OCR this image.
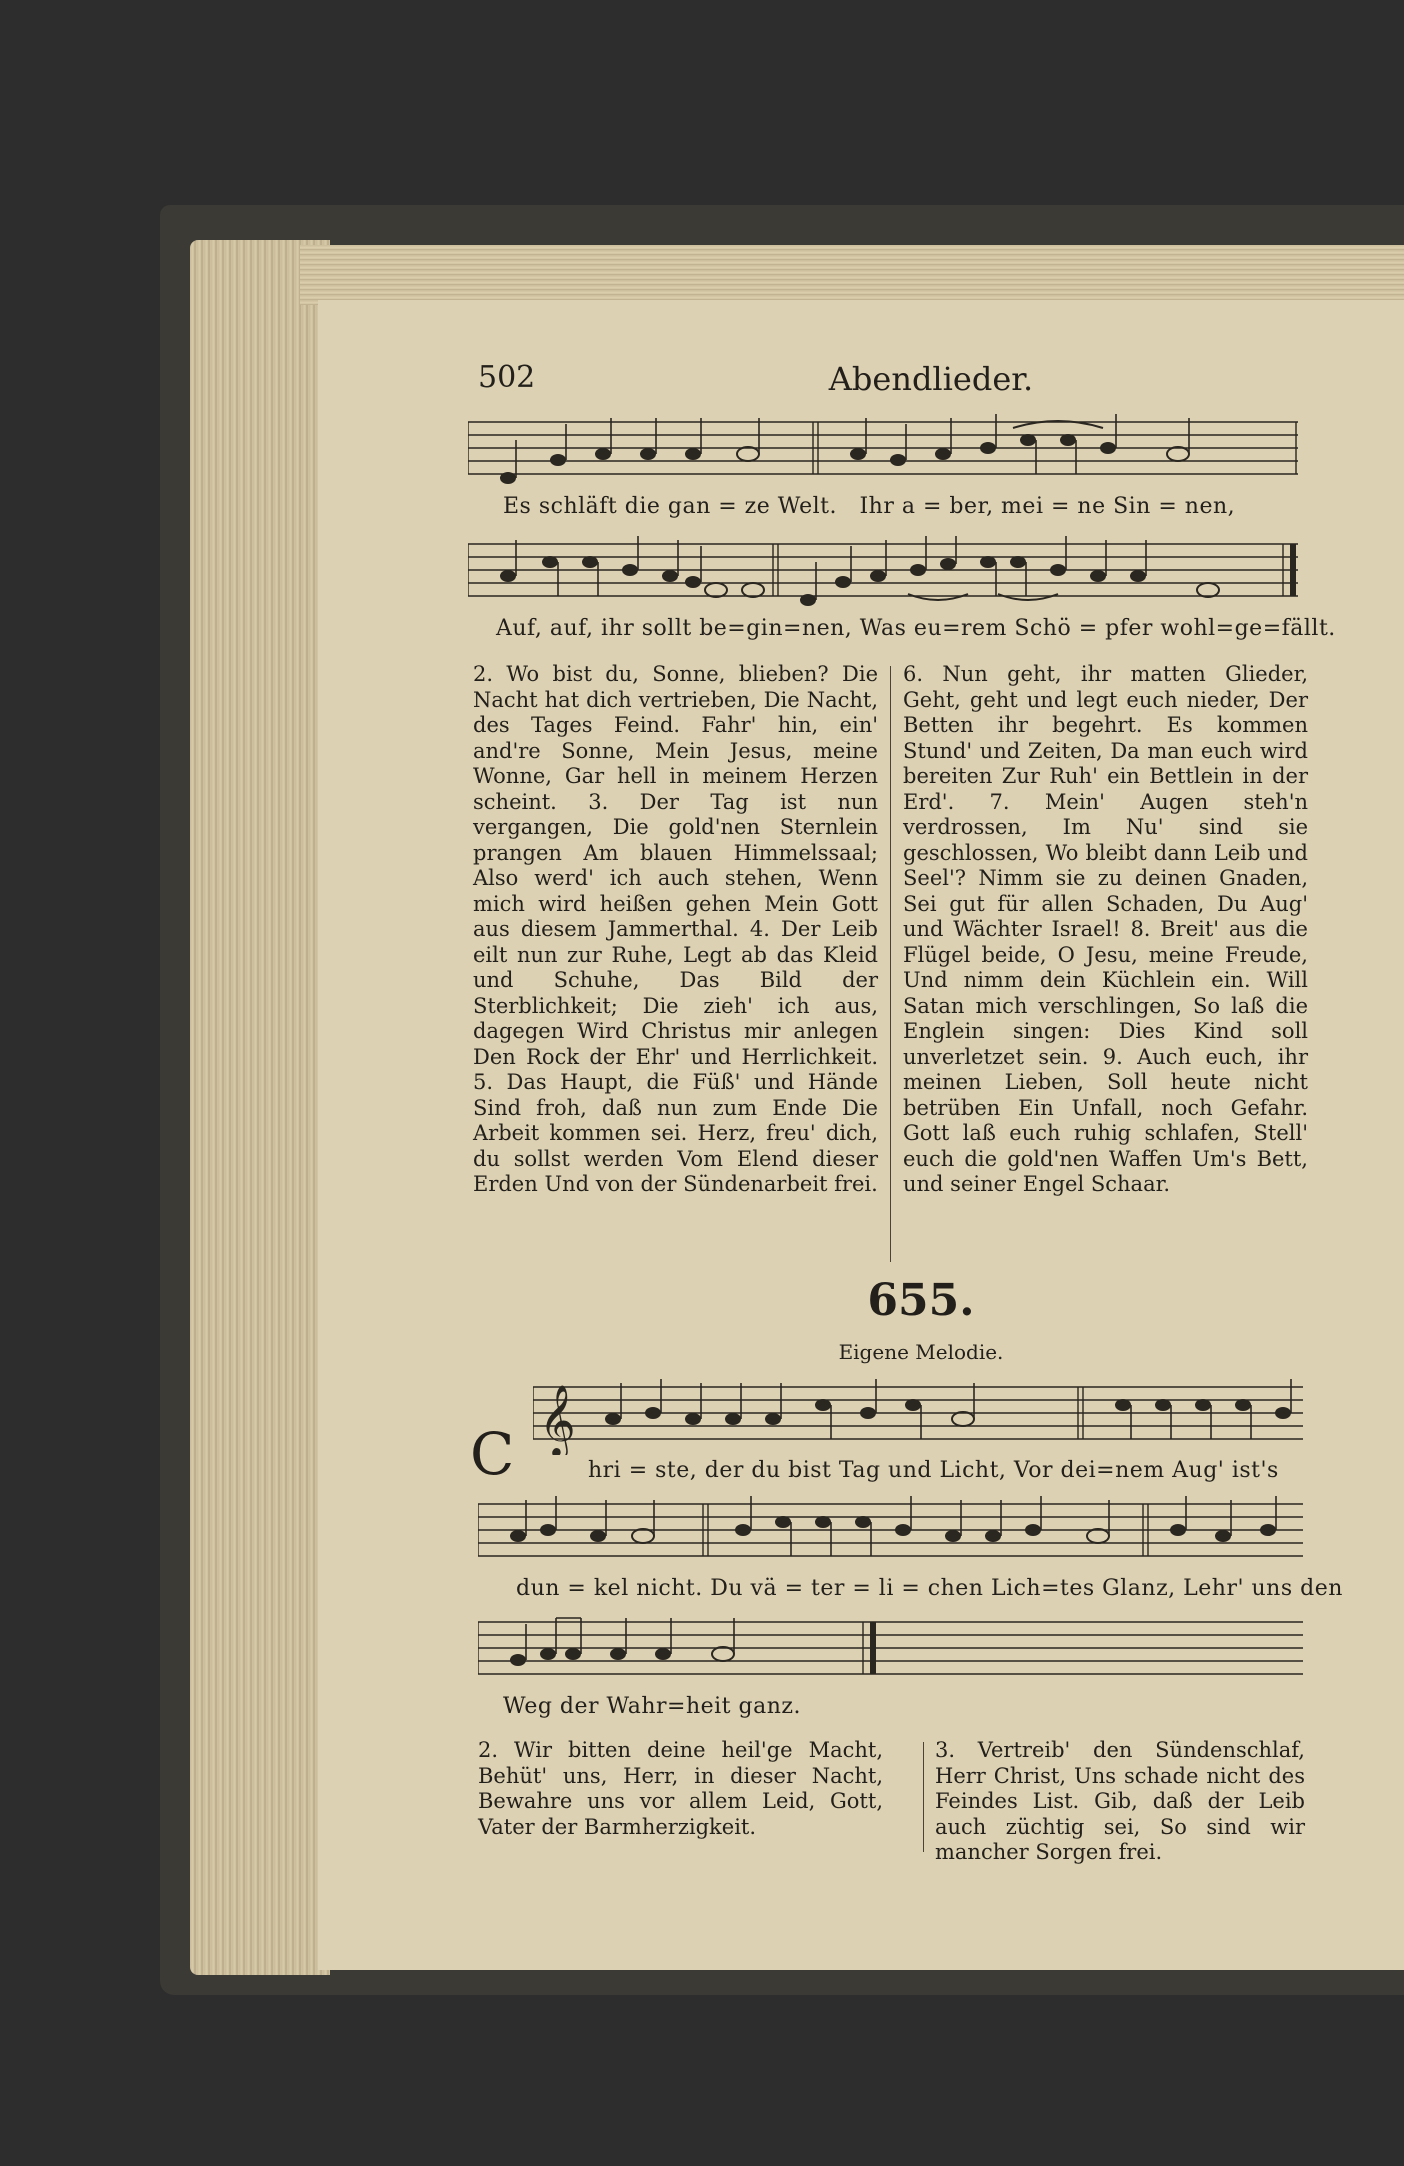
502	Abendlieder.
Es schläft die gan = ze Welt.   Ihr a = ber, mei = ne Sin = nen,
Auf, auf, ihr sollt be=gin=nen, Was eu=rem Schö = pfer wohl=ge=fällt.
2. Wo bist du, Sonne, blieben? Die Nacht hat dich vertrieben, Die Nacht, des Tages Feind. Fahr' hin, ein' and're Sonne, Mein Jesus, meine Wonne, Gar hell in meinem Herzen scheint. 3. Der Tag ist nun vergangen, Die gold'nen Sternlein prangen Am blauen Himmelssaal; Also werd' ich auch stehen, Wenn mich wird heißen gehen Mein Gott aus diesem Jammerthal. 4. Der Leib eilt nun zur Ruhe, Legt ab das Kleid und Schuhe, Das Bild der Sterblichkeit; Die zieh' ich aus, dagegen Wird Christus mir anlegen Den Rock der Ehr' und Herrlichkeit. 5. Das Haupt, die Füß' und Hände Sind froh, daß nun zum Ende Die Arbeit kommen sei. Herz, freu' dich, du sollst werden Vom Elend dieser Erden Und von der Sündenarbeit frei.
6. Nun geht, ihr matten Glieder, Geht, geht und legt euch nieder, Der Betten ihr begehrt. Es kommen Stund' und Zeiten, Da man euch wird bereiten Zur Ruh' ein Bettlein in der Erd'. 7. Mein' Augen steh'n verdrossen, Im Nu' sind sie geschlossen, Wo bleibt dann Leib und Seel'? Nimm sie zu deinen Gnaden, Sei gut für allen Schaden, Du Aug' und Wächter Israel! 8. Breit' aus die Flügel beide, O Jesu, meine Freude, Und nimm dein Küchlein ein. Will Satan mich verschlingen, So laß die Englein singen: Dies Kind soll unverletzet sein. 9. Auch euch, ihr meinen Lieben, Soll heute nicht betrüben Ein Unfall, noch Gefahr. Gott laß euch ruhig schlafen, Stell' euch die gold'nen Waffen Um's Bett, und seiner Engel Schaar.
655.
Eigene Melodie.
C 𝄞
hri = ste, der du bist Tag und Licht, Vor dei=nem Aug' ist's
dun = kel nicht. Du vä = ter = li = chen Lich=tes Glanz, Lehr' uns den
Weg der Wahr=heit ganz.
2. Wir bitten deine heil'ge Macht, Behüt' uns, Herr, in dieser Nacht, Bewahre uns vor allem Leid, Gott, Vater der Barmherzigkeit.
3. Vertreib' den Sündenschlaf, Herr Christ, Uns schade nicht des Feindes List. Gib, daß der Leib auch züchtig sei, So sind wir mancher Sorgen frei.
